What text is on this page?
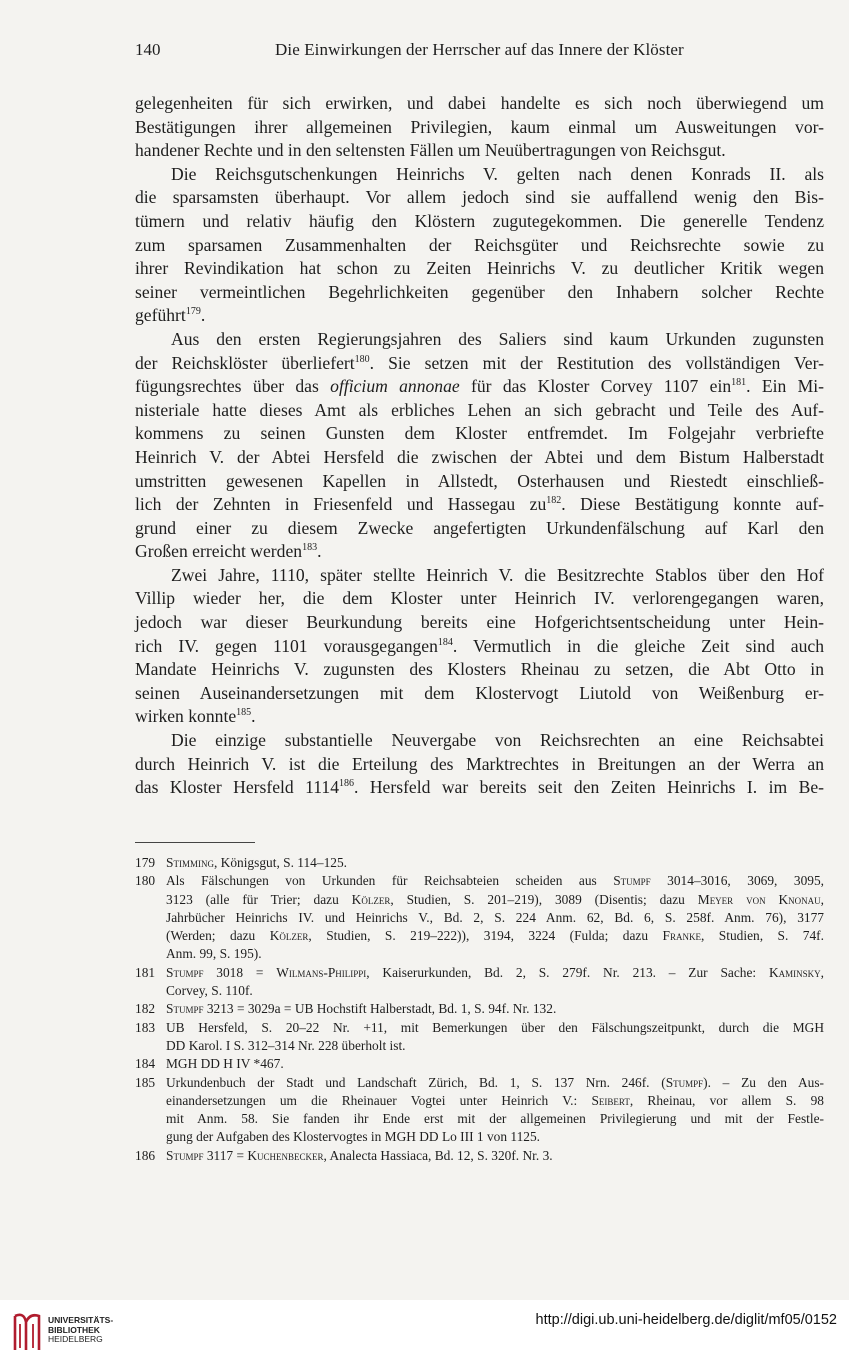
140	Die Einwirkungen der Herrscher auf das Innere der Klöster

gelegenheiten für sich erwirken, und dabei handelte es sich noch überwiegend um
Bestätigungen ihrer allgemeinen Privilegien, kaum einmal um Ausweitungen vor-
handener Rechte und in den seltensten Fällen um Neuübertragungen von Reichsgut.

Die Reichsgutschenkungen Heinrichs V. gelten nach denen Konrads II. als
die sparsamsten überhaupt. Vor allem jedoch sind sie auffallend wenig den Bis-
tümern und relativ häufig den Klöstern zugutegekommen. Die generelle Tendenz
zum sparsamen Zusammenhalten der Reichsgüter und Reichsrechte sowie zu
ihrer Revindikation hat schon zu Zeiten Heinrichs V. zu deutlicher Kritik wegen
seiner vermeintlichen Begehrlichkeiten gegenüber den Inhabern solcher Rechte
geführt$^{179}$.

Aus den ersten Regierungsjahren des Saliers sind kaum Urkunden zugunsten
der Reichsklöster überliefert$^{180}$. Sie setzen mit der Restitution des vollständigen Ver-
fügungsrechtes über das officium annonae für das Kloster Corvey 1107 ein$^{181}$. Ein Mi-
nisteriale hatte dieses Amt als erbliches Lehen an sich gebracht und Teile des Auf-
kommens zu seinen Gunsten dem Kloster entfremdet. Im Folgejahr verbriefte
Heinrich V. der Abtei Hersfeld die zwischen der Abtei und dem Bistum Halberstadt
umstritten gewesenen Kapellen in Allstedt, Osterhausen und Riestedt einschließ-
lich der Zehnten in Friesenfeld und Hassegau $zu^{182}$. Diese Bestätigung konnte auf-
grund einer zu diesem Zwecke angefertigten Urkundenfälschung auf Karl den
Großen erreicht werden$^{183}$.

Zwei Jahre, 1110, später stellte Heinrich V. die Besitzrechte Stablos über den Hof
Villip wieder her, die dem Kloster unter Heinrich IV. verlorengegangen waren,
jedoch war dieser Beurkundung bereits eine Hofgerichtsentscheidung unter Hein-
rich IV. gegen 1101 vorausgegangen$^{184}$. Vermutlich in die gleiche Zeit sind auch
Mandate Heinrichs V. zugunsten des Klosters Rheinau zu setzen, die Abt Otto in
seinen Auseinandersetzungen mit dem Klostervogt Liutold von Weißenburg er-
wirken konnte$^{185}$.

Die einzige substantielle Neuvergabe von Reichsrechten an eine Reichsabtei
durch Heinrich V. ist die Erteilung des Marktrechtes in Breitungen an der Werra an
das Kloster Hersfeld 1114$^{186}$. Hersfeld war bereits seit den Zeiten Heinrichs I. im Be-

179 Stimming, Königsgut, S. 114–125.
180 Als Fälschungen von Urkunden für Reichsabteien scheiden aus Stumpf 3014–3016, 3069, 3095,
3123 (alle für Trier; dazu Kölzer, Studien, S. 201–219), 3089 (Disentis; dazu Meyer von Knonau,
Jahrbücher Heinrichs IV. und Heinrichs V., Bd. 2, S. 224 Anm. 62, Bd. 6, S. 258f. Anm. 76), 3177
(Werden; dazu Kölzer, Studien, S. 219–222)), 3194, 3224 (Fulda; dazu Franke, Studien, S. 74f.
Anm. 99, S. 195).
181 Stumpf 3018 = Wilmans-Philippi, Kaiserurkunden, Bd. 2, S. 279f. Nr. 213. – Zur Sache: Kaminsky,
Corvey, S. 110f.
182 Stumpf 3213 = 3029a = UB Hochstift Halberstadt, Bd. 1, S. 94f. Nr. 132.
183 UB Hersfeld, S. 20–22 Nr. +11, mit Bemerkungen über den Fälschungszeitpunkt, durch die MGH
DD Karol. I S. 312–314 Nr. 228 überholt ist.
184 MGH DD H IV *467.
185 Urkundenbuch der Stadt und Landschaft Zürich, Bd. 1, S. 137 Nrn. 246f. (Stumpf). – Zu den Aus-
einandersetzungen um die Rheinauer Vogtei unter Heinrich V.: Seibert, Rheinau, vor allem S. 98
mit Anm. 58. Sie fanden ihr Ende erst mit der allgemeinen Privilegierung und mit der Festle-
gung der Aufgaben des Klostervogtes in MGH DD Lo III 1 von 1125.
186 Stumpf 3117 = Kuchenbecker, Analecta Hassiaca, Bd. 12, S. 320f. Nr. 3.
UNIVERSITÄTS-
BIBLIOTHEK
HEIDELBERG
http://digi.ub.uni-heidelberg.de/diglit/mf05/0152
